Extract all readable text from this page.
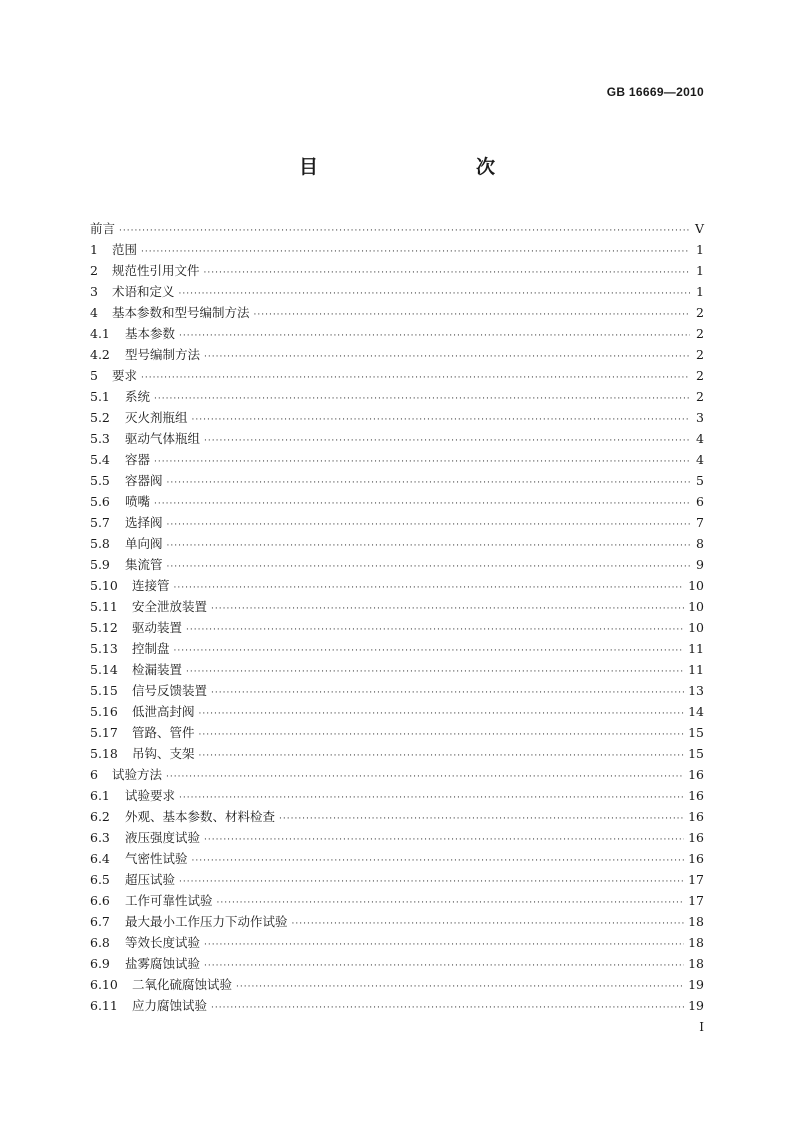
GB 16669—2010
目　　次
前言 ·····	V
1	范围 ·····	1
2	规范性引用文件 ·····	1
3	术语和定义 ·····	1
4	基本参数和型号编制方法 ·····	2
4.1	基本参数 ·····	2
4.2	型号编制方法 ·····	2
5	要求 ·····	2
5.1	系统 ·····	2
5.2	灭火剂瓶组 ·····	3
5.3	驱动气体瓶组 ·····	4
5.4	容器 ·····	4
5.5	容器阀 ·····	5
5.6	喷嘴 ·····	6
5.7	选择阀 ·····	7
5.8	单向阀 ·····	8
5.9	集流管 ·····	9
5.10	连接管 ·····	10
5.11	安全泄放装置 ·····	10
5.12	驱动装置 ·····	10
5.13	控制盘 ·····	11
5.14	检漏装置 ·····	11
5.15	信号反馈装置 ·····	13
5.16	低泄高封阀 ·····	14
5.17	管路、管件 ·····	15
5.18	吊钩、支架 ·····	15
6	试验方法 ·····	16
6.1	试验要求 ·····	16
6.2	外观、基本参数、材料检查 ·····	16
6.3	液压强度试验 ·····	16
6.4	气密性试验 ·····	16
6.5	超压试验 ·····	17
6.6	工作可靠性试验 ·····	17
6.7	最大最小工作压力下动作试验 ·····	18
6.8	等效长度试验 ·····	18
6.9	盐雾腐蚀试验 ·····	18
6.10	二氧化硫腐蚀试验 ·····	19
6.11	应力腐蚀试验 ·····	19
I
